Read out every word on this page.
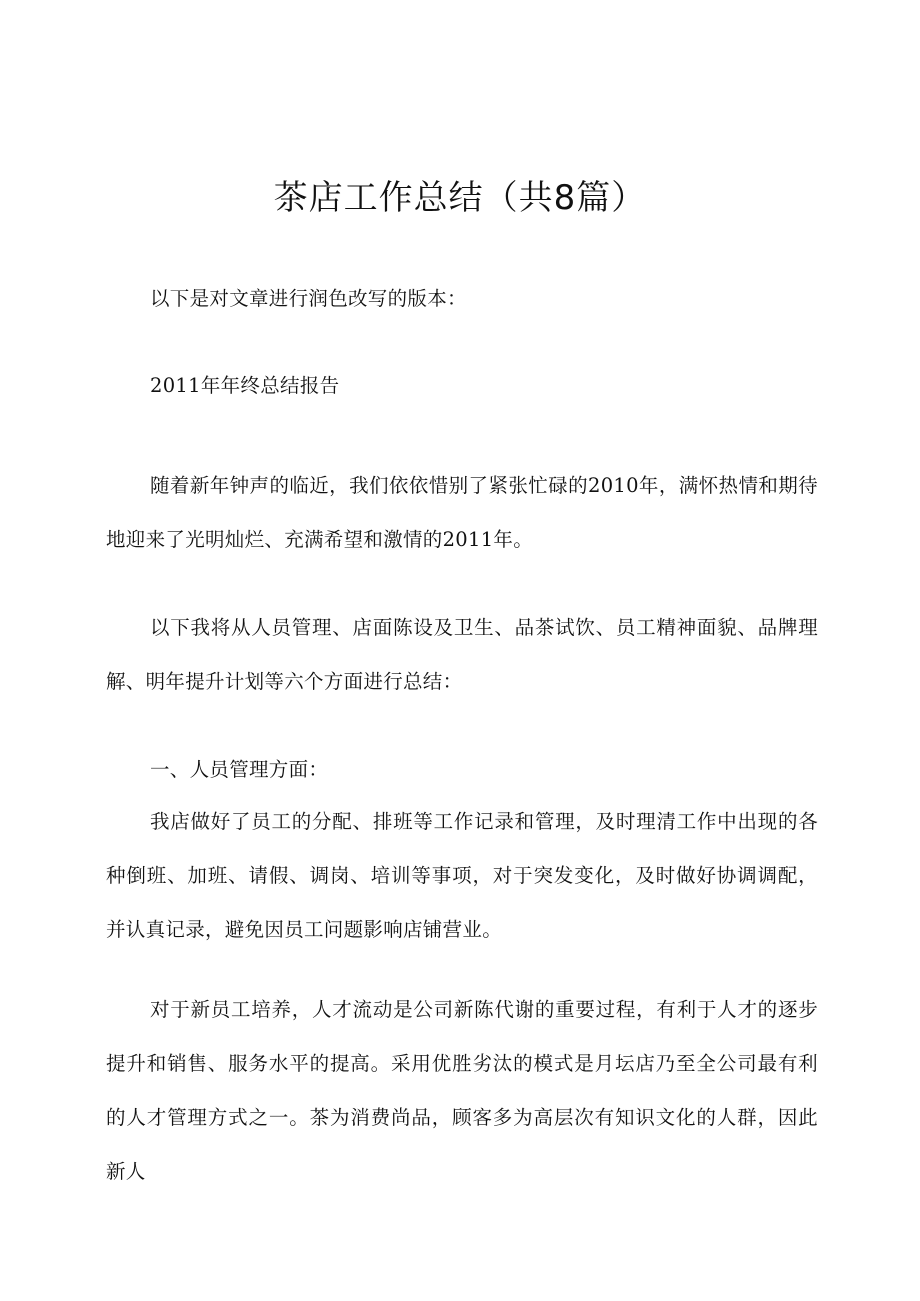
茶店工作总结（共8篇）

以下是对文章进行润色改写的版本：

2011年年终总结报告

随着新年钟声的临近，我们依依惜别了紧张忙碌的2010年，满怀热情和期待地迎来了光明灿烂、充满希望和激情的2011年。

以下我将从人员管理、店面陈设及卫生、品茶试饮、员工精神面貌、品牌理解、明年提升计划等六个方面进行总结：

一、人员管理方面：

我店做好了员工的分配、排班等工作记录和管理，及时理清工作中出现的各种倒班、加班、请假、调岗、培训等事项，对于突发变化，及时做好协调调配，并认真记录，避免因员工问题影响店铺营业。

对于新员工培养，人才流动是公司新陈代谢的重要过程，有利于人才的逐步提升和销售、服务水平的提高。采用优胜劣汰的模式是月坛店乃至全公司最有利的人才管理方式之一。茶为消费尚品，顾客多为高层次有知识文化的人群，因此新人
